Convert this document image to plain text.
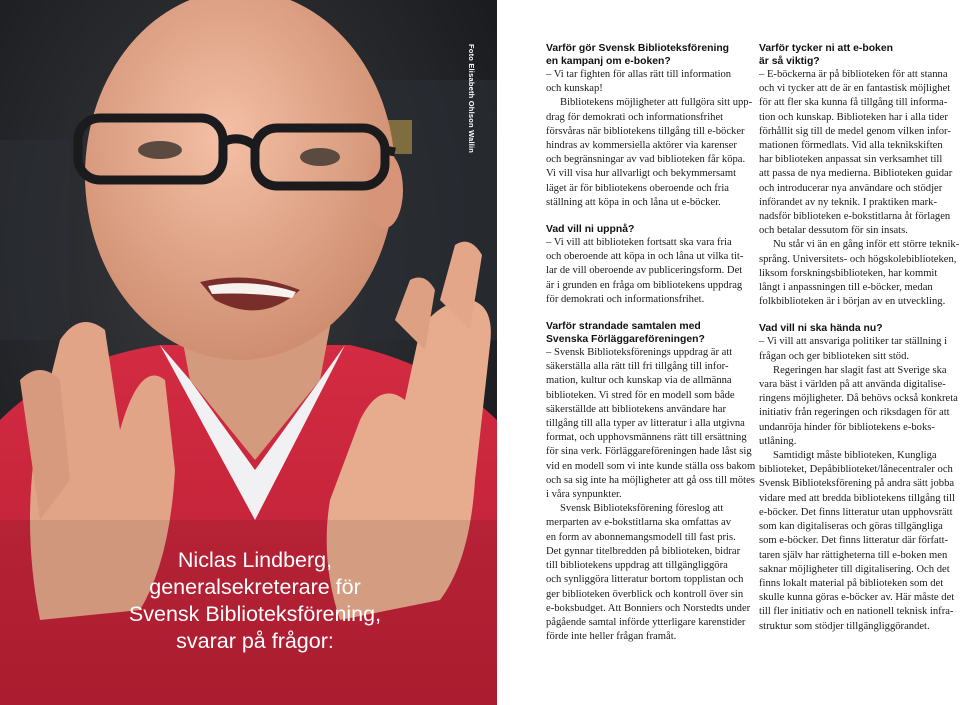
Foto Elisabeth Ohlson Wallin
Niclas Lindberg,
generalsekreterare för
Svensk Biblioteksförening,
svarar på frågor:
Varför gör Svensk Biblioteksförening
en kampanj om e-boken?

– Vi tar fighten för allas rätt till information
och kunskap!

Bibliotekens möjligheter att fullgöra sitt upp-
drag för demokrati och informationsfrihet
försvåras när bibliotekens tillgång till e-böcker
hindras av kommersiella aktörer via karenser
och begränsningar av vad biblioteken får köpa.
Vi vill visa hur allvarligt och bekymmersamt
läget är för bibliotekens oberoende och fria
ställning att köpa in och låna ut e-böcker.

Vad vill ni uppnå?

– Vi vill att biblioteken fortsatt ska vara fria
och oberoende att köpa in och låna ut vilka tit-
lar de vill oberoende av publiceringsform. Det
är i grunden en fråga om bibliotekens uppdrag
för demokrati och informationsfrihet.

Varför strandade samtalen med
Svenska Förläggareföreningen?

– Svensk Biblioteksförenings uppdrag är att
säkerställa alla rätt till fri tillgång till infor-
mation, kultur och kunskap via de allmänna
biblioteken. Vi stred för en modell som både
säkerställde att bibliotekens användare har
tillgång till alla typer av litteratur i alla utgivna
format, och upphovsmännens rätt till ersättning
för sina verk. Förläggareföreningen hade låst sig
vid en modell som vi inte kunde ställa oss bakom
och sa sig inte ha möjligheter att gå oss till mötes
i våra synpunkter.

Svensk Biblioteksförening föreslog att
merparten av e-bokstitlarna ska omfattas av
en form av abonnemangsmodell till fast pris.
Det gynnar titelbredden på biblioteken, bidrar
till bibliotekens uppdrag att tillgängliggöra
och synliggöra litteratur bortom topplistan och
ger biblioteken överblick och kontroll över sin
e-boksbudget. Att Bonniers och Norstedts under
pågående samtal införde ytterligare karenstider
förde inte heller frågan framåt.

Varför tycker ni att e-boken
är så viktig?

– E-böckerna är på biblioteken för att stanna
och vi tycker att de är en fantastisk möjlighet
för att fler ska kunna få tillgång till informa-
tion och kunskap. Biblioteken har i alla tider
förhållit sig till de medel genom vilken infor-
mationen förmedlats. Vid alla teknikskiften
har biblioteken anpassat sin verksamhet till
att passa de nya medierna. Biblioteken guidar
och introducerar nya användare och stödjer
införandet av ny teknik. I praktiken mark-
nadsför biblioteken e-bokstitlarna åt förlagen
och betalar dessutom för sin insats.

Nu står vi än en gång inför ett större teknik-
språng. Universitets- och högskolebiblioteken,
liksom forskningsbiblioteken, har kommit
långt i anpassningen till e-böcker, medan
folkbiblioteken är i början av en utveckling.

Vad vill ni ska hända nu?

– Vi vill att ansvariga politiker tar ställning i
frågan och ger biblioteken sitt stöd.

Regeringen har slagit fast att Sverige ska
vara bäst i världen på att använda digitalise-
ringens möjligheter. Då behövs också konkreta
initiativ från regeringen och riksdagen för att
undanröja hinder för bibliotekens e-boks-
utlåning.

Samtidigt måste biblioteken, Kungliga
biblioteket, Depåbiblioteket/lånecentraler och
Svensk Biblioteksförening på andra sätt jobba
vidare med att bredda bibliotekens tillgång till
e-böcker. Det finns litteratur utan upphovsrätt
som kan digitaliseras och göras tillgängliga
som e-böcker. Det finns litteratur där författ-
taren själv har rättigheterna till e-boken men
saknar möjligheter till digitalisering. Och det
finns lokalt material på biblioteken som det
skulle kunna göras e-böcker av. Här måste det
till fler initiativ och en nationell teknisk infra-
struktur som stödjer tillgängliggörandet.
